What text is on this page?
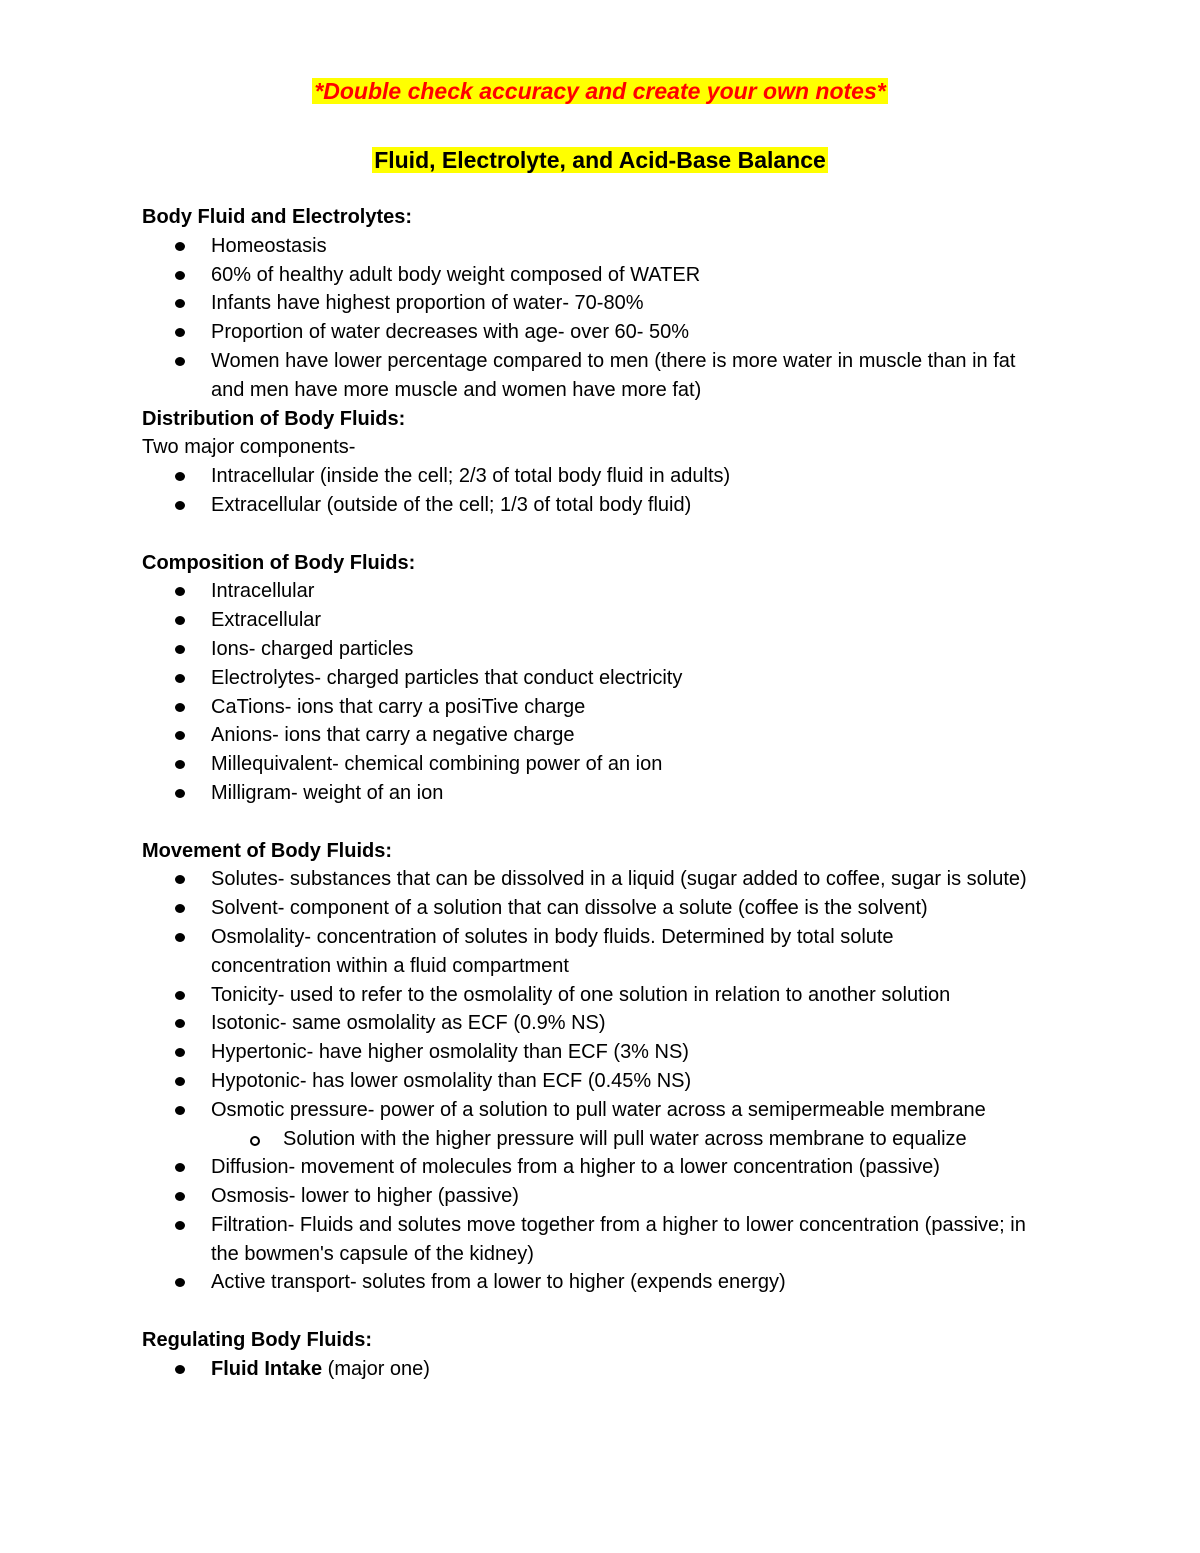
*Double check accuracy and create your own notes*
Fluid, Electrolyte, and Acid-Base Balance
Body Fluid and Electrolytes:
Homeostasis
60% of healthy adult body weight composed of WATER
Infants have highest proportion of water- 70-80%
Proportion of water decreases with age- over 60- 50%
Women have lower percentage compared to men (there is more water in muscle than in fat and men have more muscle and women have more fat)
Distribution of Body Fluids:
Two major components-
Intracellular (inside the cell; 2/3 of total body fluid in adults)
Extracellular (outside of the cell; 1/3 of total body fluid)
Composition of Body Fluids:
Intracellular
Extracellular
Ions- charged particles
Electrolytes- charged particles that conduct electricity
CaTions- ions that carry a posiTive charge
Anions- ions that carry a negative charge
Millequivalent- chemical combining power of an ion
Milligram- weight of an ion
Movement of Body Fluids:
Solutes- substances that can be dissolved in a liquid (sugar added to coffee, sugar is solute)
Solvent- component of a solution that can dissolve a solute (coffee is the solvent)
Osmolality- concentration of solutes in body fluids. Determined by total solute concentration within a fluid compartment
Tonicity- used to refer to the osmolality of one solution in relation to another solution
Isotonic- same osmolality as ECF (0.9% NS)
Hypertonic- have higher osmolality than ECF (3% NS)
Hypotonic- has lower osmolality than ECF (0.45% NS)
Osmotic pressure- power of a solution to pull water across a semipermeable membrane
Solution with the higher pressure will pull water across membrane to equalize
Diffusion- movement of molecules from a higher to a lower concentration (passive)
Osmosis- lower to higher (passive)
Filtration- Fluids and solutes move together from a higher to lower concentration (passive; in the bowmen's capsule of the kidney)
Active transport- solutes from a lower to higher (expends energy)
Regulating Body Fluids:
Fluid Intake (major one)
